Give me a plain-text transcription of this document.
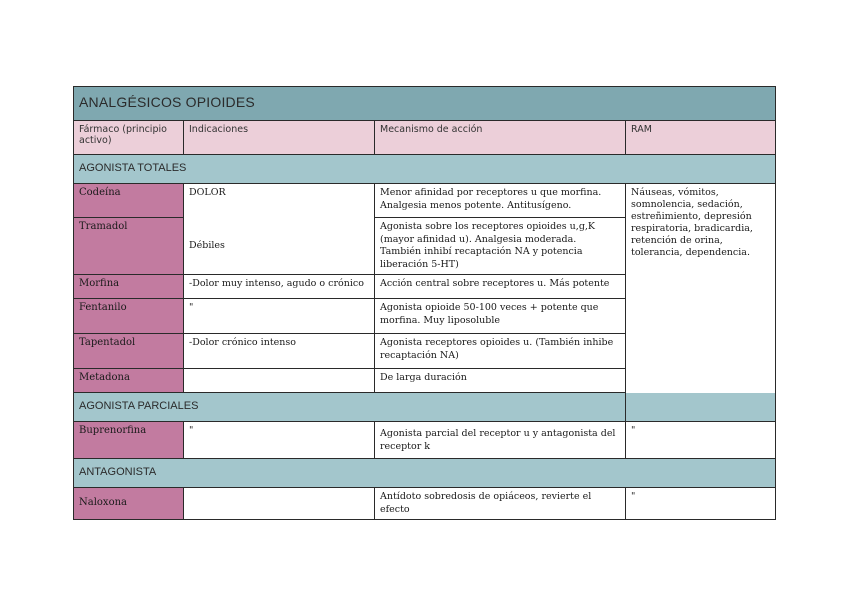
ANALGÉSICOS OPIOIDES			
Fármaco (principio activo)	Indicaciones	Mecanismo de acción	RAM
AGONISTA TOTALES			
Codeína	DOLOR	Menor afinidad por receptores u que morfina. Analgesia menos potente. Antitusígeno.	Náuseas, vómitos, somnolencia, sedación, estreñimiento, depresión respiratoria, bradicardia, retención de orina, tolerancia, dependencia.
Tramadol	Débiles	Agonista sobre los receptores opioides u,g,K (mayor afinidad u). Analgesia moderada. También inhibí recaptación NA y potencia liberación 5-HT)	

Morfina	-Dolor muy intenso, agudo o crónico	Acción central sobre receptores u. Más potente	
Fentanilo	"	Agonista opioide 50-100 veces + potente que morfina. Muy liposoluble	

Tapentadol	-Dolor crónico intenso	Agonista receptores opioides u. (También inhibe recaptación NA)	

Metadona		De larga duración	
AGONISTA PARCIALES			
Buprenorfina	"	Agonista parcial del receptor u y antagonista del receptor k	"
ANTAGONISTA			
Naloxona		Antídoto sobredosis de opiáceos, revierte el efecto	"
